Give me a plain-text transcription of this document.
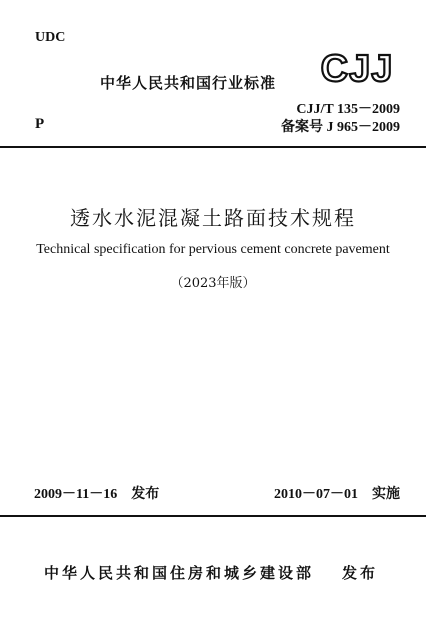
UDC
中华人民共和国行业标准 CJJ
P
CJJ/T 135－2009
备案号 J 965－2009
透水水泥混凝土路面技术规程
Technical specification for pervious cement concrete pavement
（2023年版）
2009－11－16 发布	2010－07－01 实施
中华人民共和国住房和城乡建设部 发布
